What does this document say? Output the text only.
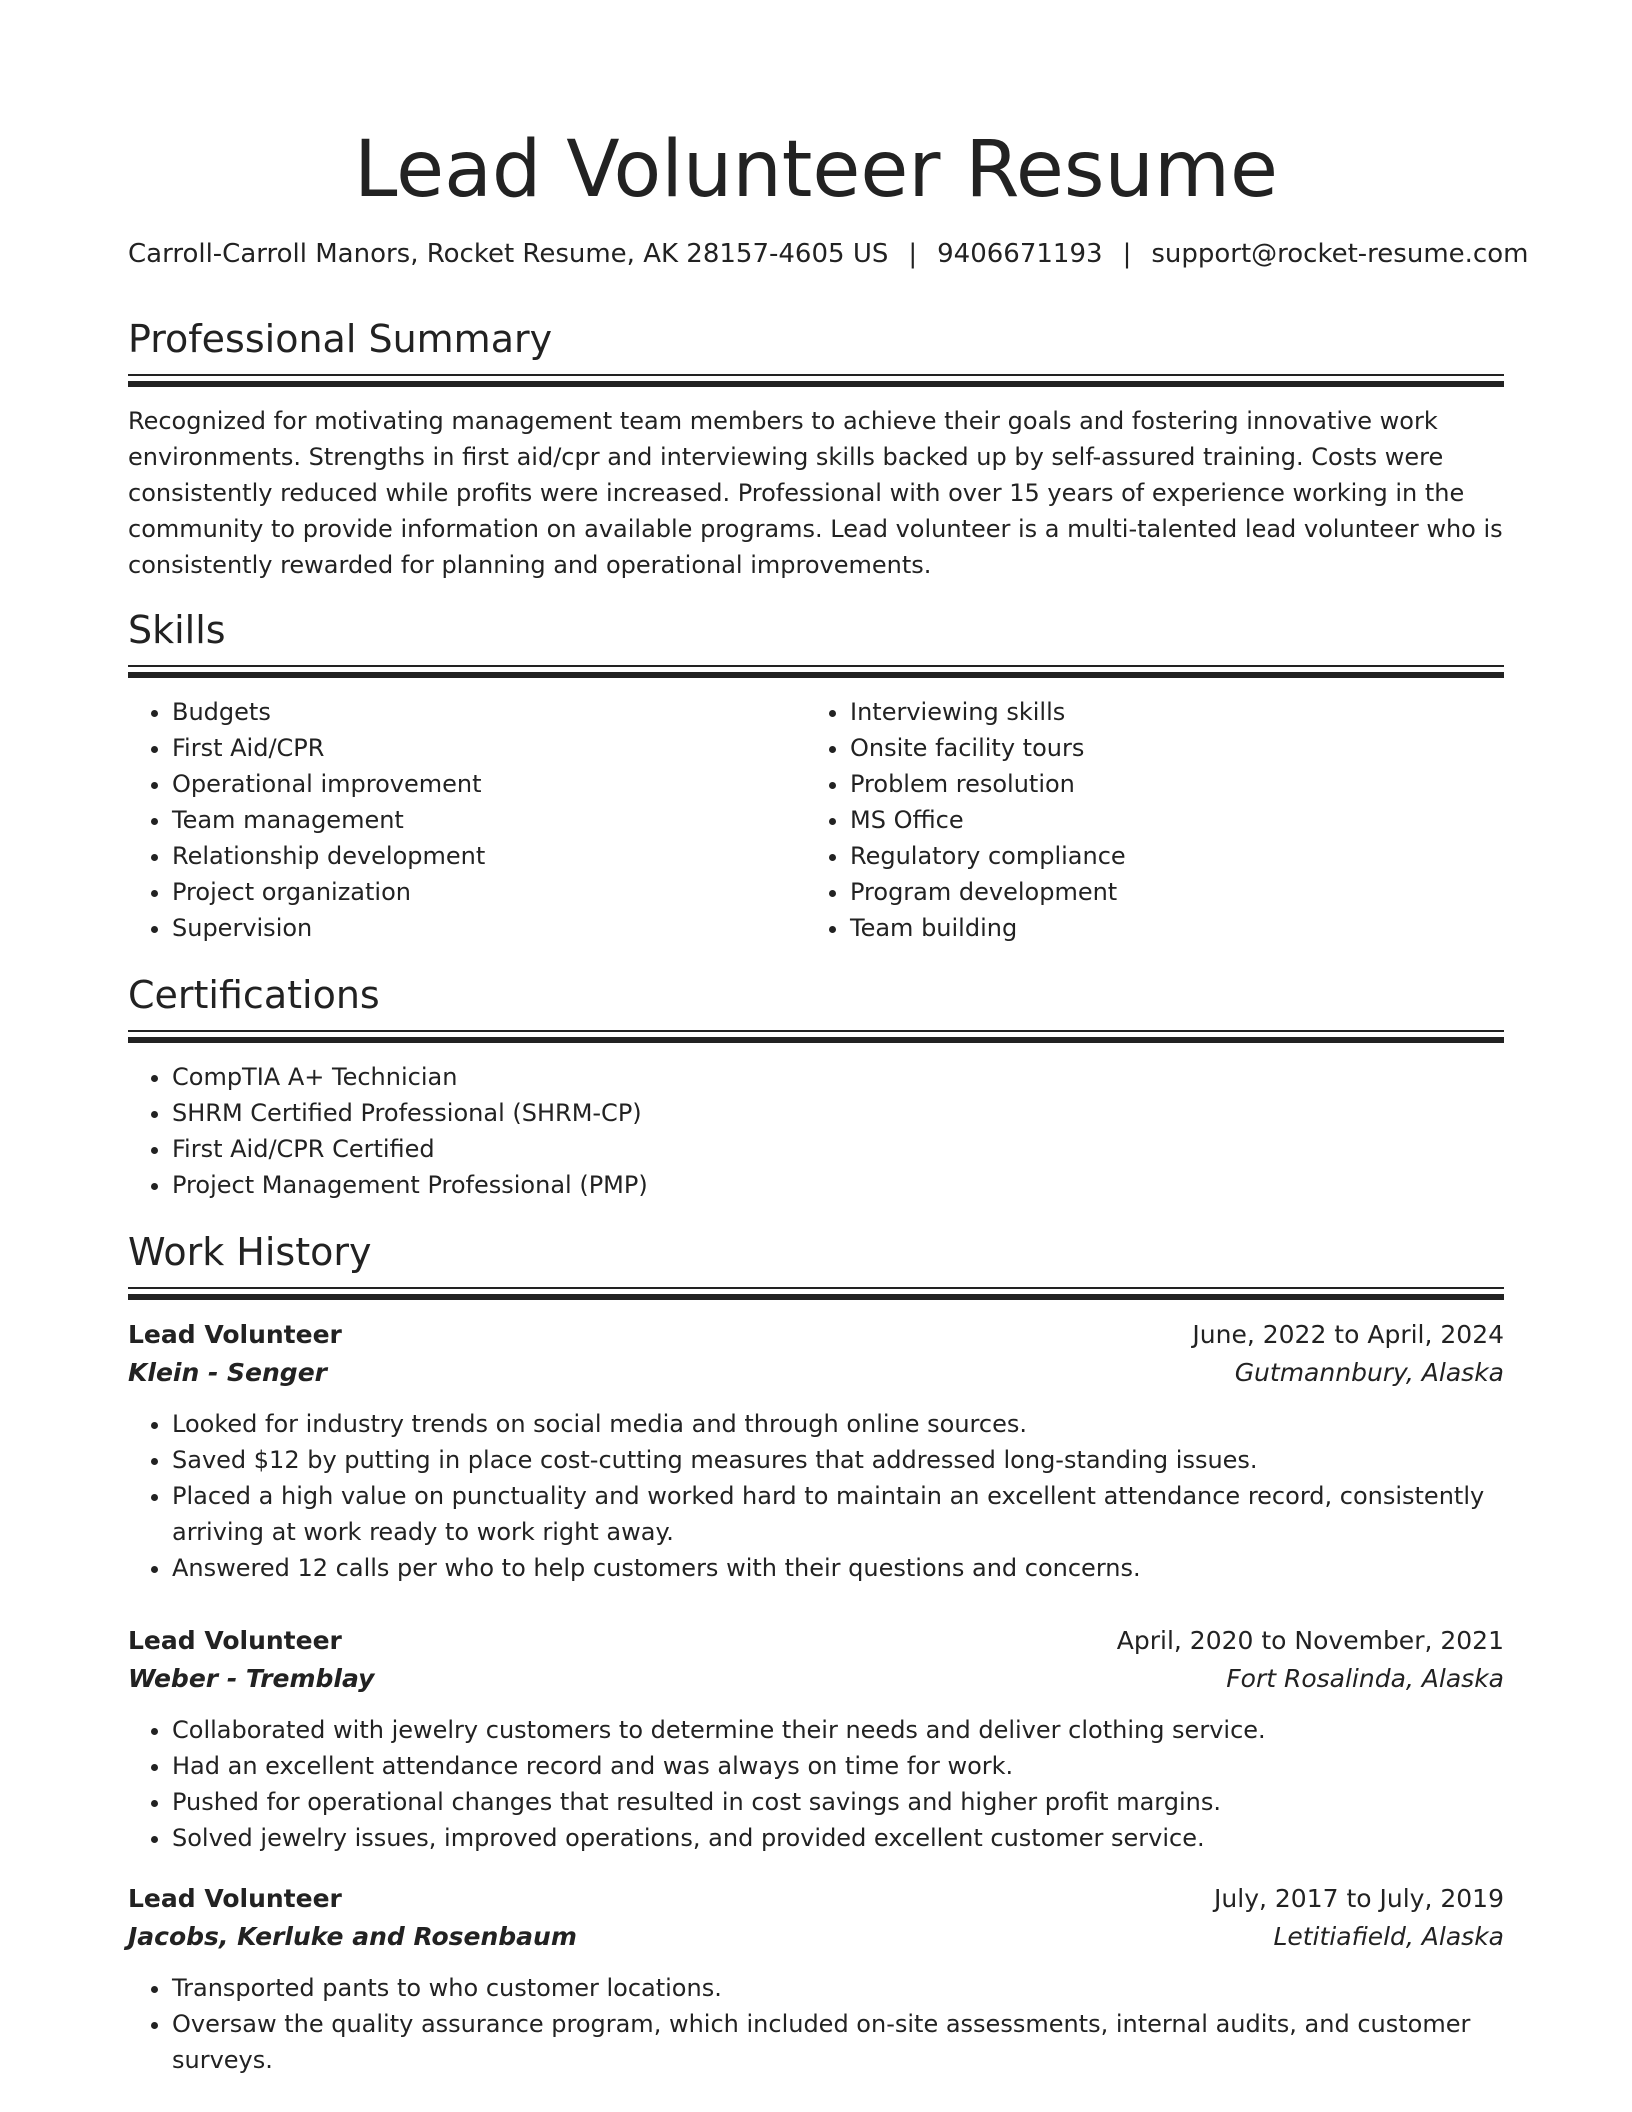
Lead Volunteer Resume
Carroll-Carroll Manors, Rocket Resume, AK 28157-4605 US | 9406671193 | support@rocket-resume.com
Professional Summary

Recognized for motivating management team members to achieve their goals and fostering innovative work environments. Strengths in first aid/cpr and interviewing skills backed up by self-assured training. Costs were consistently reduced while profits were increased. Professional with over 15 years of experience working in the community to provide information on available programs. Lead volunteer is a multi-talented lead volunteer who is consistently rewarded for planning and operational improvements.

Skills
• Budgets
• First Aid/CPR
• Operational improvement
• Team management
• Relationship development
• Project organization
• Supervision
• Interviewing skills
• Onsite facility tours
• Problem resolution
• MS Office
• Regulatory compliance
• Program development
• Team building
Certifications
• CompTIA A+ Technician
• SHRM Certified Professional (SHRM-CP)
• First Aid/CPR Certified
• Project Management Professional (PMP)
Work History
Lead Volunteer	June, 2022 to April, 2024
Klein - Senger	Gutmannbury, Alaska
• Looked for industry trends on social media and through online sources.
• Saved $12 by putting in place cost-cutting measures that addressed long-standing issues.
• Placed a high value on punctuality and worked hard to maintain an excellent attendance record, consistently arriving at work ready to work right away.
• Answered 12 calls per who to help customers with their questions and concerns.
Lead Volunteer	April, 2020 to November, 2021
Weber - Tremblay	Fort Rosalinda, Alaska
• Collaborated with jewelry customers to determine their needs and deliver clothing service.
• Had an excellent attendance record and was always on time for work.
• Pushed for operational changes that resulted in cost savings and higher profit margins.
• Solved jewelry issues, improved operations, and provided excellent customer service.
Lead Volunteer	July, 2017 to July, 2019
Jacobs, Kerluke and Rosenbaum	Letitiafield, Alaska
• Transported pants to who customer locations.
• Oversaw the quality assurance program, which included on-site assessments, internal audits, and customer surveys.
